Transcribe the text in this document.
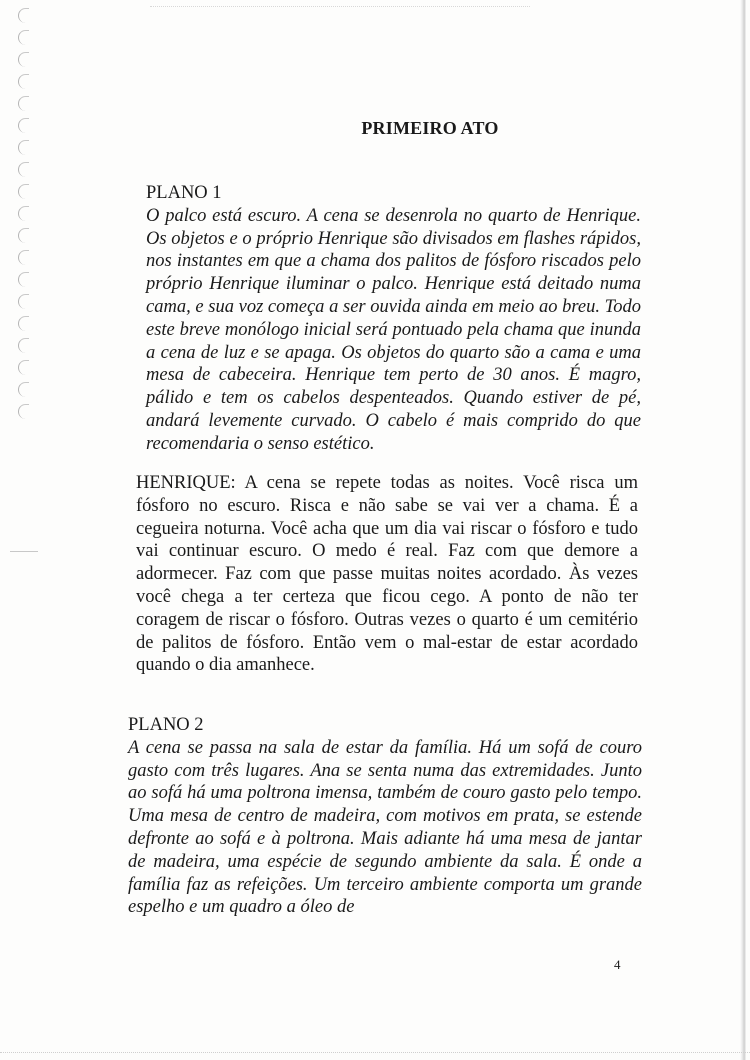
PRIMEIRO ATO
PLANO 1
O palco está escuro. A cena se desenrola no quarto de Henrique. Os objetos e o próprio Henrique são divisados em flashes rápidos, nos instantes em que a chama dos palitos de fósforo riscados pelo próprio Henrique iluminar o palco. Henrique está deitado numa cama, e sua voz começa a ser ouvida ainda em meio ao breu. Todo este breve monólogo inicial será pontuado pela chama que inunda a cena de luz e se apaga. Os objetos do quarto são a cama e uma mesa de cabeceira. Henrique tem perto de 30 anos. É magro, pálido e tem os cabelos despenteados. Quando estiver de pé, andará levemente curvado. O cabelo é mais comprido do que recomendaria o senso estético.
HENRIQUE: A cena se repete todas as noites. Você risca um fósforo no escuro. Risca e não sabe se vai ver a chama. É a cegueira noturna. Você acha que um dia vai riscar o fósforo e tudo vai continuar escuro. O medo é real. Faz com que demore a adormecer. Faz com que passe muitas noites acordado. Às vezes você chega a ter certeza que ficou cego. A ponto de não ter coragem de riscar o fósforo. Outras vezes o quarto é um cemitério de palitos de fósforo. Então vem o mal-estar de estar acordado quando o dia amanhece.
PLANO 2
A cena se passa na sala de estar da família. Há um sofá de couro gasto com três lugares. Ana se senta numa das extremidades. Junto ao sofá há uma poltrona imensa, também de couro gasto pelo tempo. Uma mesa de centro de madeira, com motivos em prata, se estende defronte ao sofá e à poltrona. Mais adiante há uma mesa de jantar de madeira, uma espécie de segundo ambiente da sala. É onde a família faz as refeições. Um terceiro ambiente comporta um grande espelho e um quadro a óleo de
4
